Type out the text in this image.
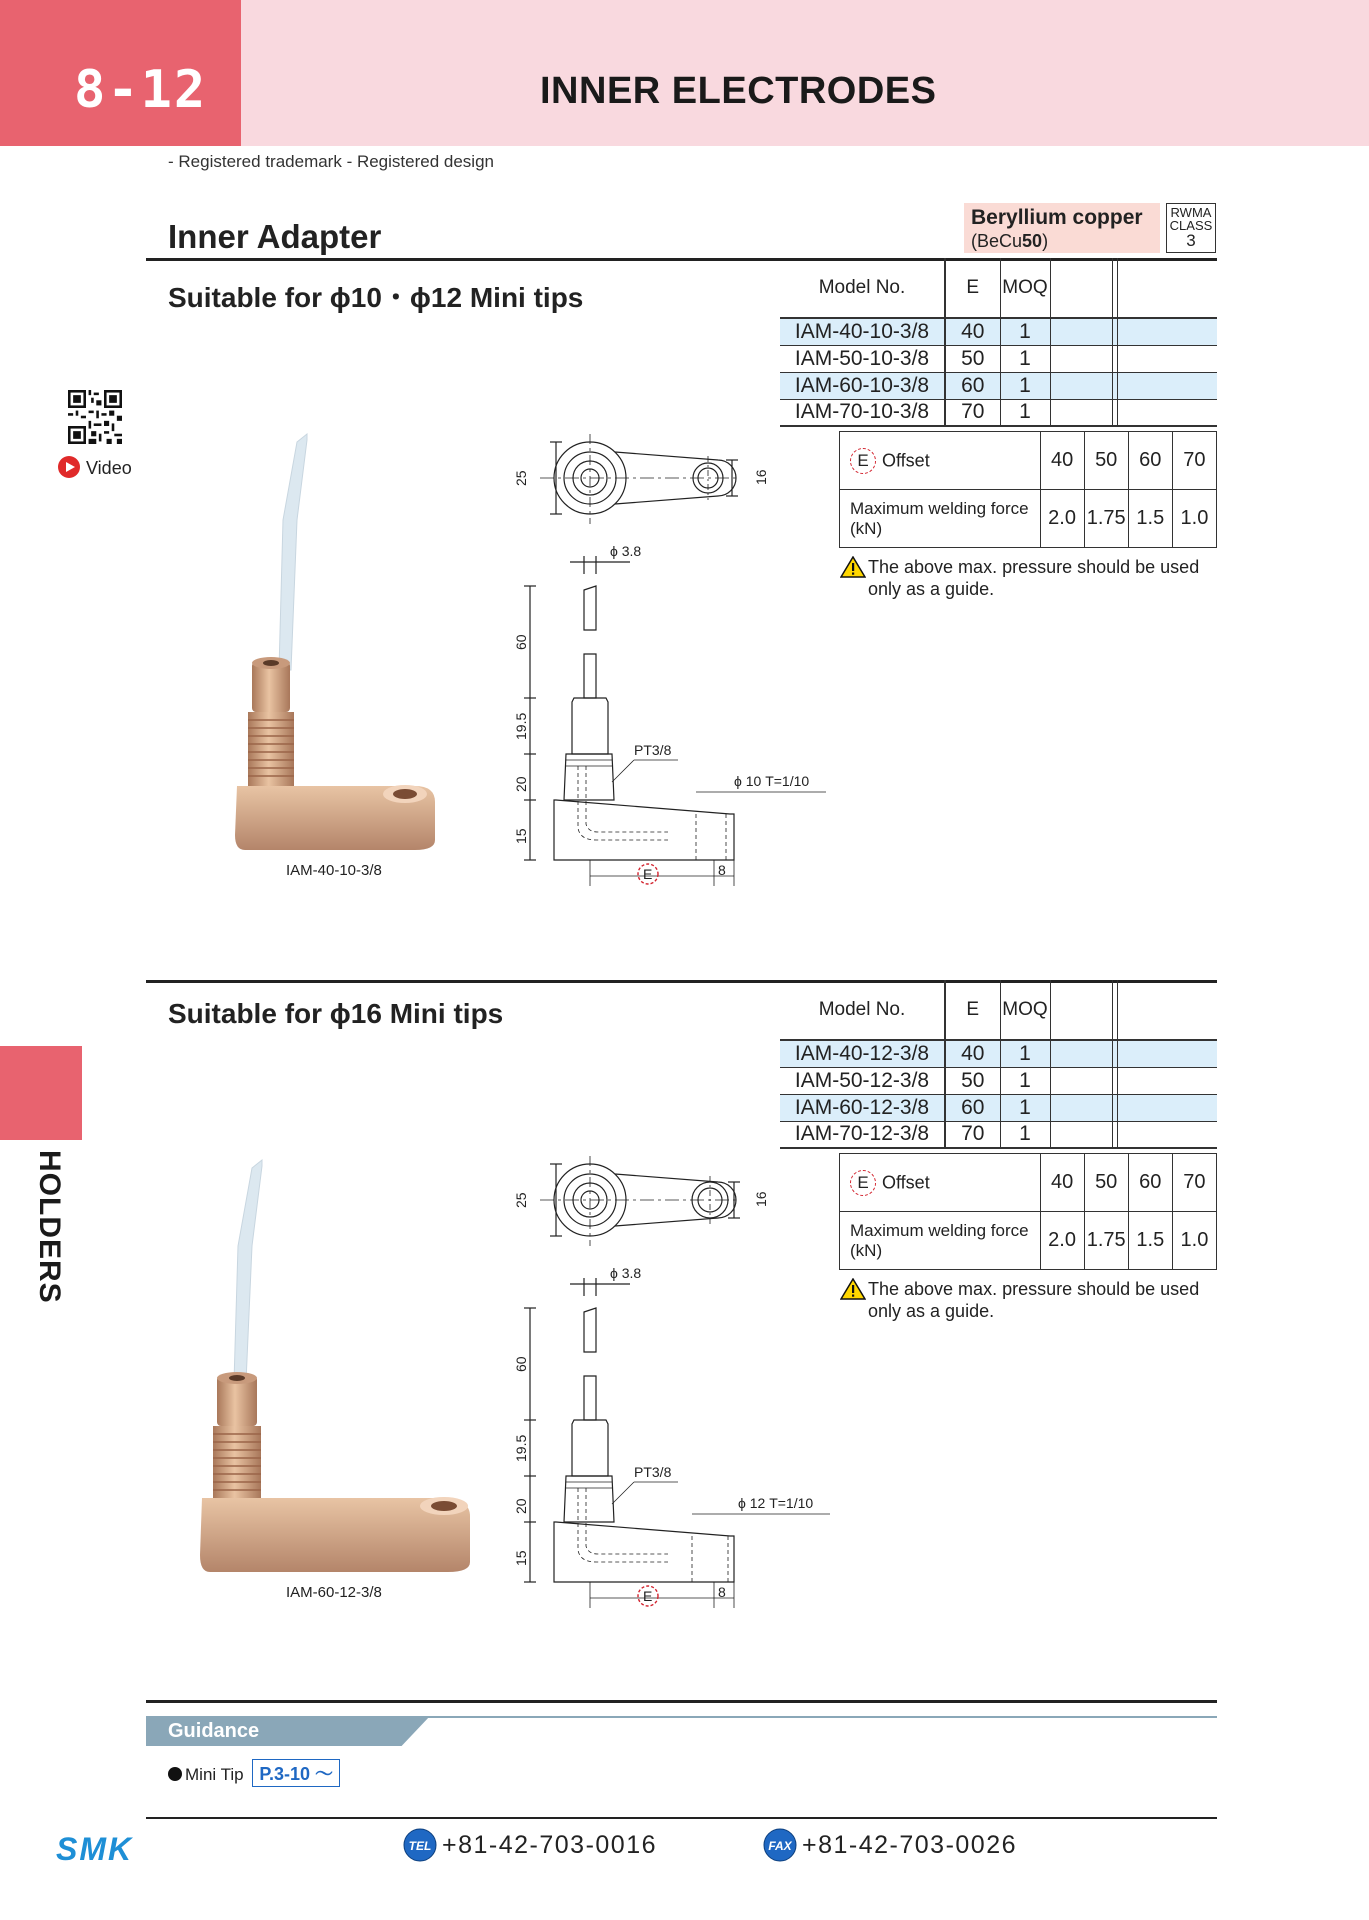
8-12	INNER ELECTRODES
- Registered trademark - Registered design
HOLDERS
Video
Inner Adapter
Beryllium copper
(BeCu50)
RWMA
CLASS
3
Suitable for ϕ10・ϕ12 Mini tips	Model No.	E	MOQ			
IAM-40-10-3/8	40	1			
IAM-50-10-3/8	50	1			
IAM-60-10-3/8	60	1			
IAM-70-10-3/8	70	1			
E Offset	40	50	60	70

Maximum welding force
(kN)	2.0	1.75	1.5	1.0
The above max. pressure should be used
only as a guide.
IAM-40-10-3/8
25	16
ϕ 3.8
60
19.5
20
PT3/8
15
ϕ 10 T=1/10
E	8
Suitable for ϕ16 Mini tips	Model No.	E	MOQ			
IAM-40-12-3/8	40	1			
IAM-50-12-3/8	50	1			
IAM-60-12-3/8	60	1			
IAM-70-12-3/8	70	1			
E Offset	40	50	60	70

Maximum welding force
(kN)	2.0	1.75	1.5	1.0
The above max. pressure should be used
only as a guide.
IAM-60-12-3/8
25	16
ϕ 3.8
60
19.5
20
PT3/8
15
ϕ 12 T=1/10
E	8
Guidance
Mini Tip P.3-10 ～
SMK	TEL +81-42-703-0016	FAX +81-42-703-0026
